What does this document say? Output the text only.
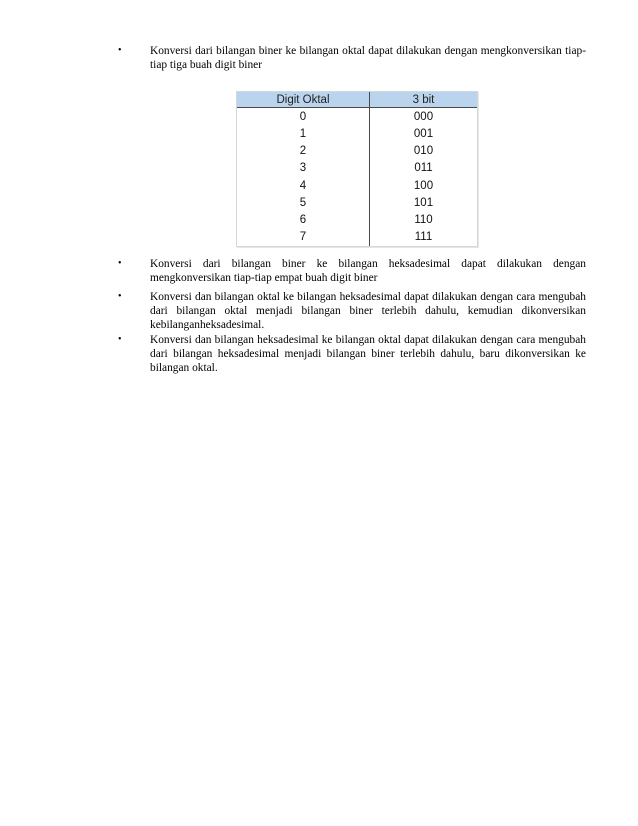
•	Konversi dari bilangan biner ke bilangan oktal dapat dilakukan dengan mengkonversikan tiap- tiap tiga buah digit biner
Digit Oktal	3 bit
0	000
1	001
2	010
3	011
4	100
5	101
6	110
7	111
•	Konversi dari bilangan biner ke bilangan heksadesimal dapat dilakukan dengan mengkonversikan tiap-tiap empat buah digit biner
•	Konversi dan bilangan oktal ke bilangan heksadesimal dapat dilakukan dengan cara mengubah dari bilangan oktal menjadi bilangan biner terlebih dahulu, kemudian dikonversikan kebilanganheksadesimal.
•	Konversi dan bilangan heksadesimal ke bilangan oktal dapat dilakukan dengan cara mengubah dari bilangan heksadesimal menjadi bilangan biner terlebih dahulu, baru dikonversikan ke bilangan oktal.
